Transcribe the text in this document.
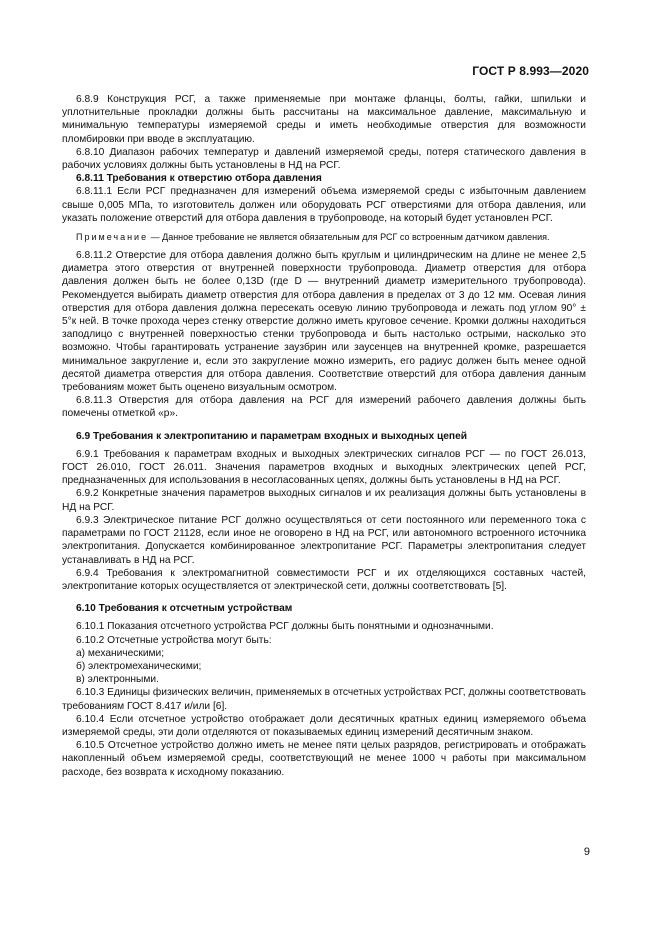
ГОСТ Р 8.993—2020

6.8.9 Конструкция РСГ, а также применяемые при монтаже фланцы, болты, гайки, шпильки и уплотнительные прокладки должны быть рассчитаны на максимальное давление, максимальную и минимальную температуры измеряемой среды и иметь необходимые отверстия для возможности пломбировки при вводе в эксплуатацию.

6.8.10 Диапазон рабочих температур и давлений измеряемой среды, потеря статического давления в рабочих условиях должны быть установлены в НД на РСГ.

6.8.11 Требования к отверстию отбора давления

6.8.11.1 Если РСГ предназначен для измерений объема измеряемой среды с избыточным давлением свыше 0,005 МПа, то изготовитель должен или оборудовать РСГ отверстиями для отбора давления, или указать положение отверстий для отбора давления в трубопроводе, на который будет установлен РСГ.

Примечание — Данное требование не является обязательным для РСГ со встроенным датчиком давления.

6.8.11.2 Отверстие для отбора давления должно быть круглым и цилиндрическим на длине не менее 2,5 диаметра этого отверстия от внутренней поверхности трубопровода. Диаметр отверстия для отбора давления должен быть не более 0,13D (где D — внутренний диаметр измерительного трубопровода). Рекомендуется выбирать диаметр отверстия для отбора давления в пределах от 3 до 12 мм. Осевая линия отверстия для отбора давления должна пересекать осевую линию трубопровода и лежать под углом 90° ± 5°к ней. В точке прохода через стенку отверстие должно иметь круговое сечение. Кромки должны находиться заподлицо с внутренней поверхностью стенки трубопровода и быть настолько острыми, насколько это возможно. Чтобы гарантировать устранение заузбрин или заусенцев на внутренней кромке, разрешается минимальное закругление и, если это закругление можно измерить, его радиус должен быть менее одной десятой диаметра отверстия для отбора давления. Соответствие отверстий для отбора давления данным требованиям может быть оценено визуальным осмотром.

6.8.11.3 Отверстия для отбора давления на РСГ для измерений рабочего давления должны быть помечены отметкой «р».

6.9 Требования к электропитанию и параметрам входных и выходных цепей

6.9.1 Требования к параметрам входных и выходных электрических сигналов РСГ — по ГОСТ 26.013, ГОСТ 26.010, ГОСТ 26.011. Значения параметров входных и выходных электрических цепей РСГ, предназначенных для использования в несогласованных цепях, должны быть установлены в НД на РСГ.

6.9.2 Конкретные значения параметров выходных сигналов и их реализация должны быть установлены в НД на РСГ.

6.9.3 Электрическое питание РСГ должно осуществляться от сети постоянного или переменного тока с параметрами по ГОСТ 21128, если иное не оговорено в НД на РСГ, или автономного встроенного источника электропитания. Допускается комбинированное электропитание РСГ. Параметры электропитания следует устанавливать в НД на РСГ.

6.9.4 Требования к электромагнитной совместимости РСГ и их отделяющихся составных частей, электропитание которых осуществляется от электрической сети, должны соответствовать [5].

6.10 Требования к отсчетным устройствам

6.10.1 Показания отсчетного устройства РСГ должны быть понятными и однозначными.

6.10.2 Отсчетные устройства могут быть:

а) механическими;

б) электромеханическими;

в) электронными.

6.10.3 Единицы физических величин, применяемых в отсчетных устройствах РСГ, должны соответствовать требованиям ГОСТ 8.417 и/или [6].

6.10.4 Если отсчетное устройство отображает доли десятичных кратных единиц измеряемого объема измеряемой среды, эти доли отделяются от показываемых единиц измерений десятичным знаком.

6.10.5 Отсчетное устройство должно иметь не менее пяти целых разрядов, регистрировать и отображать накопленный объем измеряемой среды, соответствующий не менее 1000 ч работы при максимальном расходе, без возврата к исходному показанию.

9
